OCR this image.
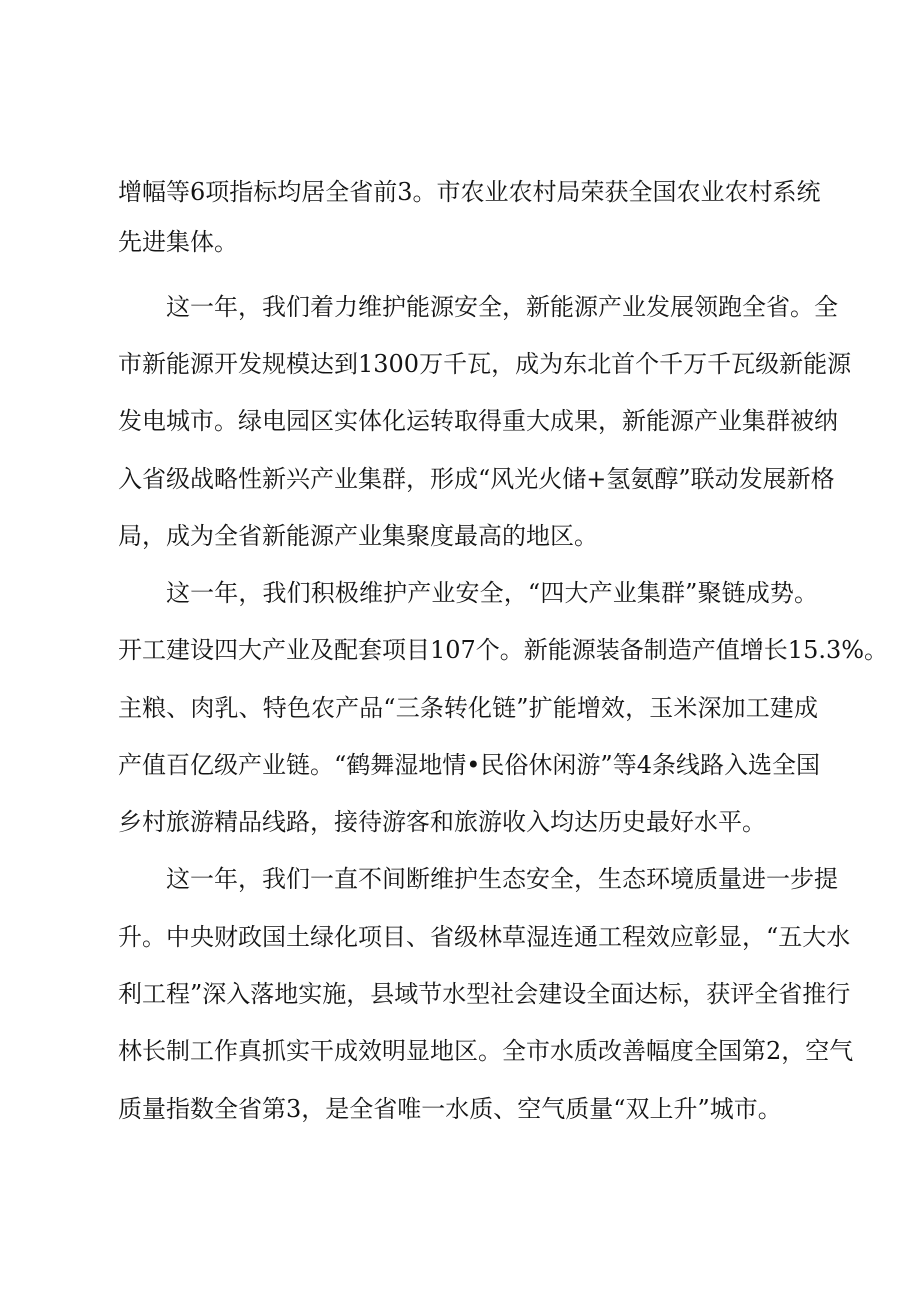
增幅等6项指标均居全省前3。市农业农村局荣获全国农业农村系统
先进集体。
这一年，我们着力维护能源安全，新能源产业发展领跑全省。全
市新能源开发规模达到1300万千瓦，成为东北首个千万千瓦级新能源
发电城市。绿电园区实体化运转取得重大成果，新能源产业集群被纳
入省级战略性新兴产业集群，形成“风光火储+氢氨醇”联动发展新格
局，成为全省新能源产业集聚度最高的地区。
这一年，我们积极维护产业安全，“四大产业集群”聚链成势。
开工建设四大产业及配套项目107个。新能源装备制造产值增长15.3%。
主粮、肉乳、特色农产品“三条转化链”扩能增效，玉米深加工建成
产值百亿级产业链。“鹤舞湿地情•民俗休闲游”等4条线路入选全国
乡村旅游精品线路，接待游客和旅游收入均达历史最好水平。
这一年，我们一直不间断维护生态安全，生态环境质量进一步提
升。中央财政国土绿化项目、省级林草湿连通工程效应彰显，“五大水
利工程”深入落地实施，县域节水型社会建设全面达标，获评全省推行
林长制工作真抓实干成效明显地区。全市水质改善幅度全国第2，空气
质量指数全省第3，是全省唯一水质、空气质量“双上升”城市。
